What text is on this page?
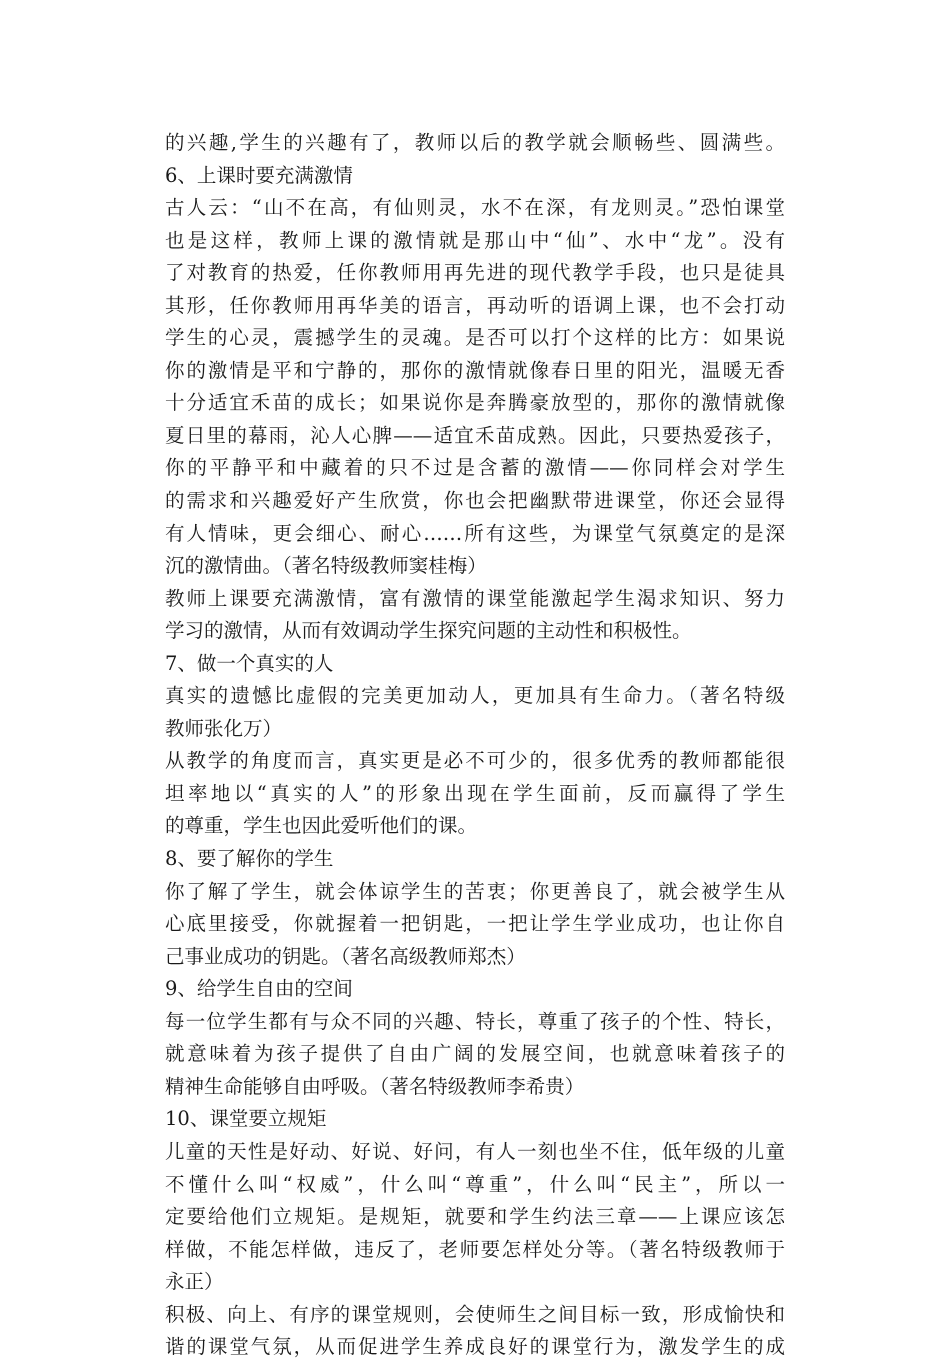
的兴趣,学生的兴趣有了，教师以后的教学就会顺畅些、圆满些。
6、上课时要充满激情
古人云：“山不在高，有仙则灵，水不在深，有龙则灵。”恐怕课堂
也是这样，教师上课的激情就是那山中“仙”、水中“龙”。没有
了对教育的热爱，任你教师用再先进的现代教学手段，也只是徒具
其形，任你教师用再华美的语言，再动听的语调上课，也不会打动
学生的心灵，震撼学生的灵魂。是否可以打个这样的比方：如果说
你的激情是平和宁静的，那你的激情就像春日里的阳光，温暖无香
十分适宜禾苗的成长；如果说你是奔腾豪放型的，那你的激情就像
夏日里的幕雨，沁人心脾——适宜禾苗成熟。因此，只要热爱孩子，
你的平静平和中藏着的只不过是含蓄的激情——你同样会对学生
的需求和兴趣爱好产生欣赏，你也会把幽默带进课堂，你还会显得
有人情味，更会细心、耐心……所有这些，为课堂气氛奠定的是深
沉的激情曲。（著名特级教师窦桂梅）
教师上课要充满激情，富有激情的课堂能激起学生渴求知识、努力
学习的激情，从而有效调动学生探究问题的主动性和积极性。
7、做一个真实的人
真实的遗憾比虚假的完美更加动人，更加具有生命力。（著名特级
教师张化万）
从教学的角度而言，真实更是必不可少的，很多优秀的教师都能很
坦率地以“真实的人”的形象出现在学生面前，反而赢得了学生
的尊重，学生也因此爱听他们的课。
8、要了解你的学生
你了解了学生，就会体谅学生的苦衷；你更善良了，就会被学生从
心底里接受，你就握着一把钥匙，一把让学生学业成功，也让你自
己事业成功的钥匙。（著名高级教师郑杰）
9、给学生自由的空间
每一位学生都有与众不同的兴趣、特长，尊重了孩子的个性、特长，
就意味着为孩子提供了自由广阔的发展空间，也就意味着孩子的
精神生命能够自由呼吸。（著名特级教师李希贵）
10、课堂要立规矩
儿童的天性是好动、好说、好问，有人一刻也坐不住，低年级的儿童
不懂什么叫“权威”，什么叫“尊重”，什么叫“民主”，所以一
定要给他们立规矩。是规矩，就要和学生约法三章——上课应该怎
样做，不能怎样做，违反了，老师要怎样处分等。（著名特级教师于
永正）
积极、向上、有序的课堂规则，会使师生之间目标一致，形成愉快和
谐的课堂气氛，从而促进学生养成良好的课堂行为，激发学生的成
